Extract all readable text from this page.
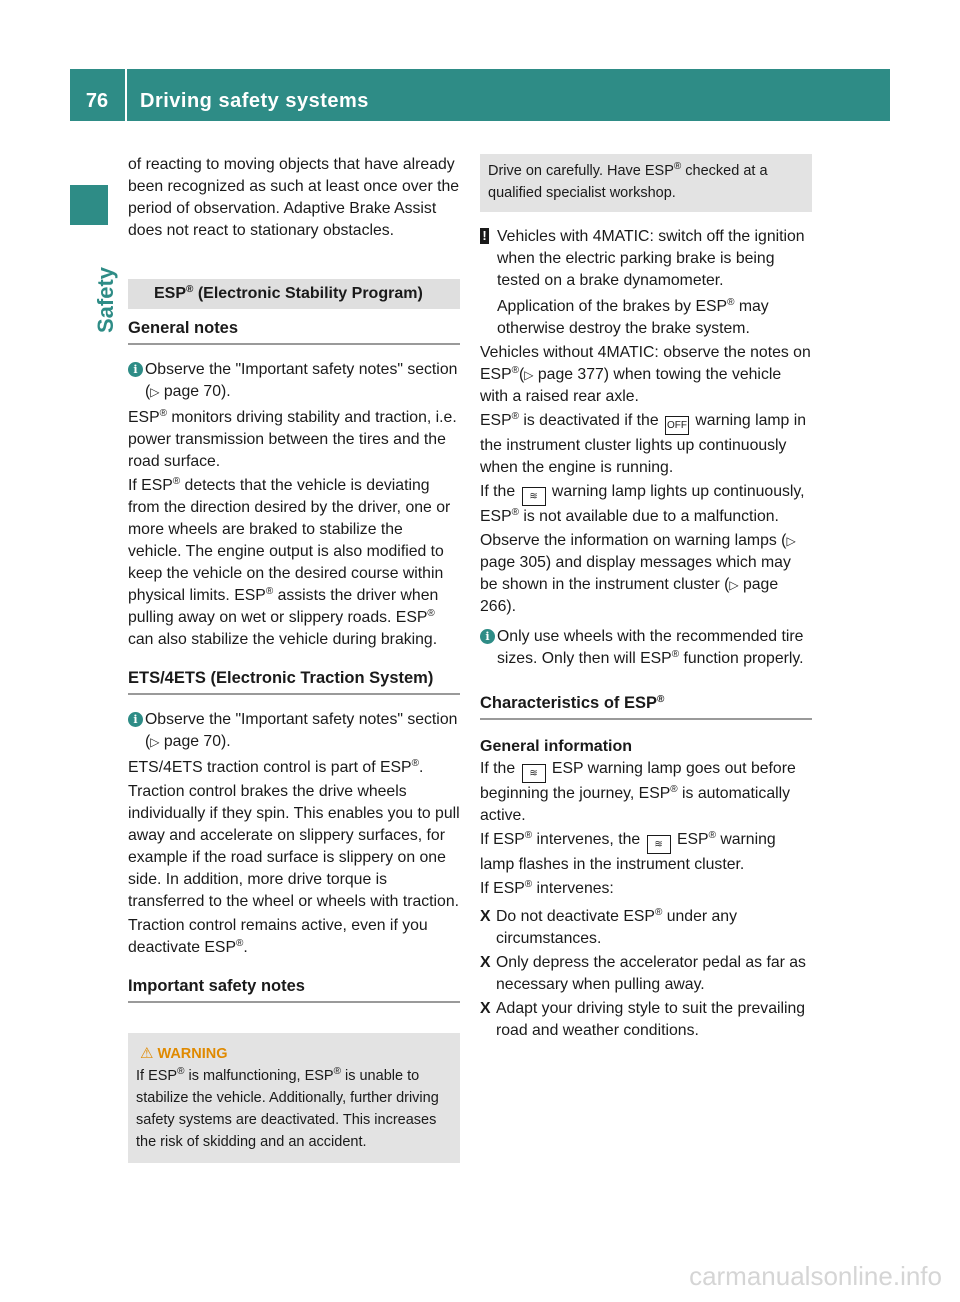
76	Driving safety systems
Safety

of reacting to moving objects that have already been recognized as such at least once over the period of observation. Adaptive Brake Assist does not react to stationary obstacles.

ESP® (Electronic Stability Program)
General notes
i Observe the "Important safety notes" section (▷ page 70).

ESP® monitors driving stability and traction, i.e. power transmission between the tires and the road surface.

If ESP® detects that the vehicle is deviating from the direction desired by the driver, one or more wheels are braked to stabilize the vehicle. The engine output is also modified to keep the vehicle on the desired course within physical limits. ESP® assists the driver when pulling away on wet or slippery roads. ESP® can also stabilize the vehicle during braking.

ETS/4ETS (Electronic Traction System)
i Observe the "Important safety notes" section (▷ page 70).

ETS/4ETS traction control is part of ESP®.

Traction control brakes the drive wheels individually if they spin. This enables you to pull away and accelerate on slippery surfaces, for example if the road surface is slippery on one side. In addition, more drive torque is transferred to the wheel or wheels with traction.

Traction control remains active, even if you deactivate ESP®.

Important safety notes
⚠ WARNING
If ESP® is malfunctioning, ESP® is unable to stabilize the vehicle. Additionally, further driving safety systems are deactivated. This increases the risk of skidding and an accident.
Drive on carefully. Have ESP® checked at a qualified specialist workshop.
! Vehicles with 4MATIC: switch off the ignition when the electric parking brake is being tested on a brake dynamometer.

Application of the brakes by ESP® may otherwise destroy the brake system.

Vehicles without 4MATIC: observe the notes on ESP®(▷ page 377) when towing the vehicle with a raised rear axle.

ESP® is deactivated if the OFF warning lamp in the instrument cluster lights up continuously when the engine is running.

If the ≋ warning lamp lights up continuously, ESP® is not available due to a malfunction.

Observe the information on warning lamps (▷ page 305) and display messages which may be shown in the instrument cluster (▷ page 266).

i Only use wheels with the recommended tire sizes. Only then will ESP® function properly.
Characteristics of ESP®
General information

If the ≋ ESP warning lamp goes out before beginning the journey, ESP® is automatically active.

If ESP® intervenes, the ≋ ESP® warning lamp flashes in the instrument cluster.

If ESP® intervenes:

X Do not deactivate ESP® under any circumstances.
X Only depress the accelerator pedal as far as necessary when pulling away.
X Adapt your driving style to suit the prevailing road and weather conditions.
carmanualsonline.info
